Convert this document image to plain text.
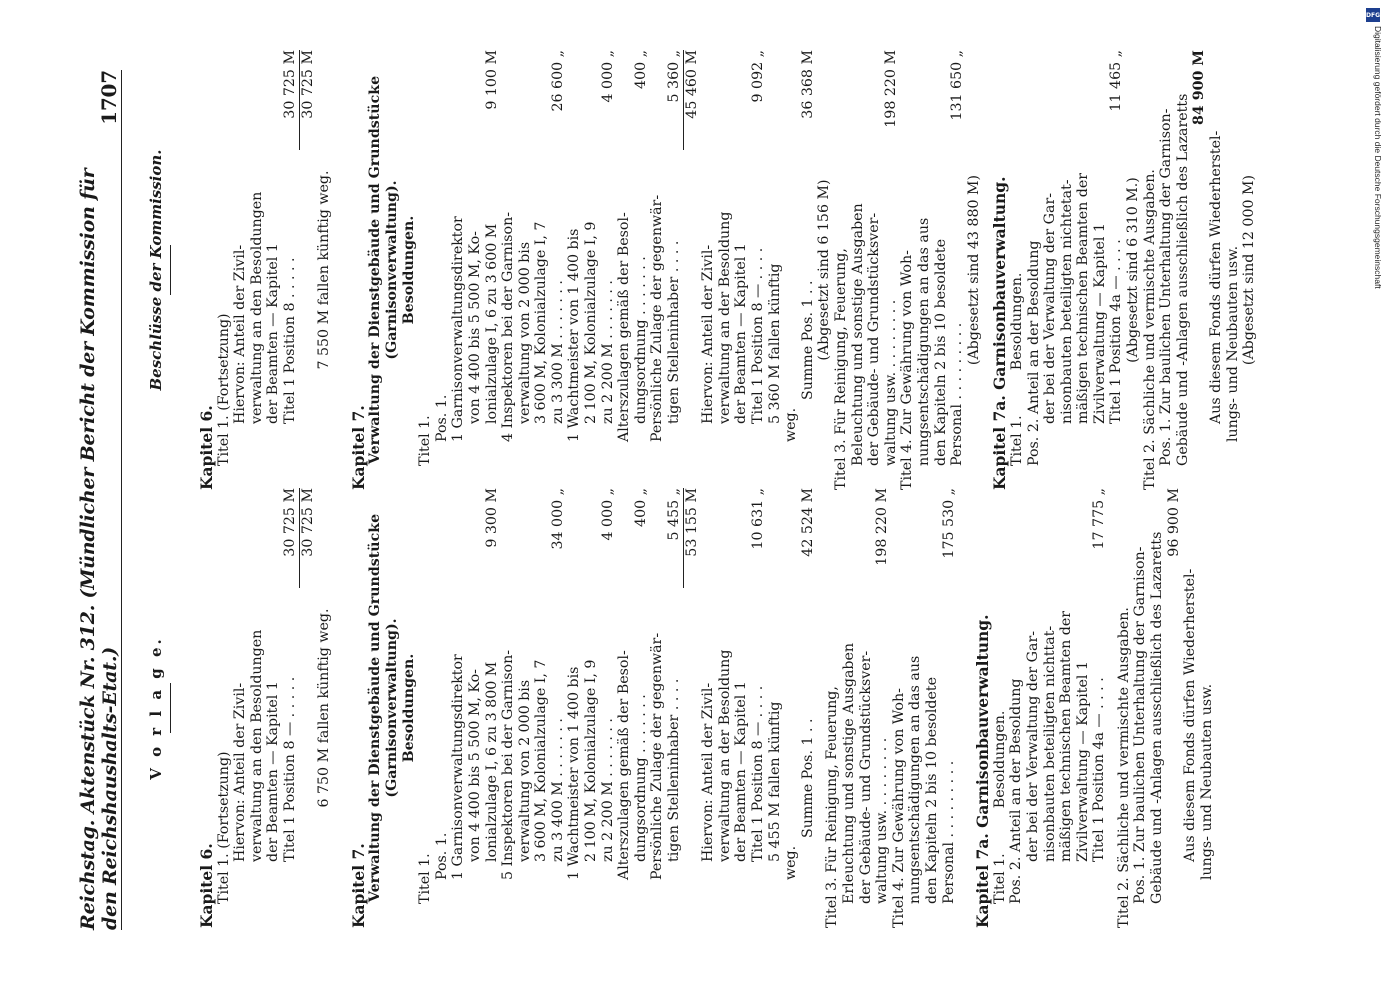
Reichstag. Aktenstück Nr. 312. (Mündlicher Bericht der Kommission für den Reichshaushalts-Etat.)
1707
V o r l a g e.
Kapitel 6. Titel 1. (Fortsetzung) Hiervon: Anteil der Zivil- verwaltung an den Besoldungen der Beamten — Kapitel 1 Titel 1 Position 8 — . . . . .
30 725 M 30 725 M
6 750 M fallen künftig weg.
Kapitel 7. Verwaltung der Dienstgebäude und Grundstücke (Garnisonverwaltung). Besoldungen.
Titel 1. Pos. 1. 1 Garnisonverwaltungsdirektor von 4 400 bis 5 500 M, Ko- lonialzulage I, 6 zu 3 800 M
9 300 M
5 Inspektoren bei der Garnison- verwaltung von 2 000 bis 3 600 M, Kolonialzulage I, 7 zu 3 400 M . . . . . . .
34 000 „
1 Wachtmeister von 1 400 bis 2 100 M, Kolonialzulage I, 9 zu 2 200 M . . . . . . .
4 000 „
Alterszulagen gemäß der Besol- dungsordnung . . . . . . .
400 „
Persönliche Zulage der gegenwär- tigen Stelleninhaber . . . .
5 455 „ 53 155 M
Hiervon: Anteil der Zivil- verwaltung an der Besoldung der Beamten — Kapitel 1 Titel 1 Position 8 — . . . .
10 631 „
5 455 M fallen künftig
weg.
Summe Pos. 1 . .
42 524 M
Titel 3. Für Reinigung, Feuerung, Erleuchtung und sonstige Ausgaben der Gebäude- und Grundstücksver- waltung usw. . . . . . . . .
198 220 M
Titel 4. Zur Gewährung von Woh- nungsentschädigungen an das aus den Kapiteln 2 bis 10 besoldete Personal . . . . . . . . .
175 530 „
Kapitel 7a. Garnisonbauverwaltung. Titel 1.          Besoldungen. Pos. 2. Anteil an der Besoldung der bei der Verwaltung der Gar- nisonbauten beteiligten nichttat- mäßigen technischen Beamten der Zivilverwaltung — Kapitel 1 Titel 1 Position 4a — . . . .
17 775 „
Titel 2. Sächliche und vermischte Ausgaben. Pos. 1. Zur baulichen Unterhaltung der Garnison- Gebäude und -Anlagen ausschließlich des Lazaretts
96 900 M
Aus diesem Fonds dürfen Wiederherstel- lungs- und Neubauten usw.
Beschlüsse der Kommission.
Kapitel 6. Titel 1. (Fortsetzung) Hiervon: Anteil der Zivil- verwaltung an den Besoldungen der Beamten — Kapitel 1 Titel 1 Position 8 . . . . .
30 725 M 30 725 M
7 550 M fallen künftig weg.
Kapitel 7. Verwaltung der Dienstgebäude und Grundstücke (Garnisonverwaltung). Besoldungen.
Titel 1. Pos. 1. 1 Garnisonverwaltungsdirektor von 4 400 bis 5 500 M, Ko- lonialzulage I, 6 zu 3 600 M
9 100 M
4 Inspektoren bei der Garnison- verwaltung von 2 000 bis 3 600 M, Kolonialzulage I, 7 zu 3 300 M . . . . . . .
26 600 „
1 Wachtmeister von 1 400 bis 2 100 M, Kolonialzulage I, 9 zu 2 200 M . . . . . . .
4 000 „
Alterszulagen gemäß der Besol- dungsordnung . . . . . . .
400 „
Persönliche Zulage der gegenwär- tigen Stelleninhaber . . . .
5 360 „ 45 460 M
Hiervon: Anteil der Zivil- verwaltung an der Besoldung der Beamten — Kapitel 1 Titel 1 Position 8 — . . . .
9 092 „
5 360 M fallen künftig
weg.
Summe Pos. 1 . .
36 368 M
(Abgesetzt sind 6 156 M) Titel 3. Für Reinigung, Feuerung, Beleuchtung und sonstige Ausgaben der Gebäude- und Grundstücksver- waltung usw. . . . . . . . .
198 220 M
Titel 4. Zur Gewährung von Woh- nungsentschädigungen an das aus den Kapiteln 2 bis 10 besoldete Personal . . . . . . . . .
131 650 „
(Abgesetzt sind 43 880 M) Kapitel 7a. Garnisonbauverwaltung. Titel 1.          Besoldungen. Pos. 2. Anteil an der Besoldung der bei der Verwaltung der Gar- nisonbauten beteiligten nichtetat- mäßigen technischen Beamten der Zivilverwaltung — Kapitel 1 Titel 1 Position 4a — . . . .
11 465 „
(Abgesetzt sind 6 310 M.) Titel 2. Sächliche und vermischte Ausgaben. Pos. 1. Zur baulichen Unterhaltung der Garnison- Gebäude und -Anlagen ausschließlich des Lazaretts
84 900 M
Aus diesem Fonds dürfen Wiederherstel- lungs- und Neubauten usw. (Abgesetzt sind 12 000 M)
DFG
Digitalisierung gefördert durch die Deutsche Forschungsgemeinschaft
